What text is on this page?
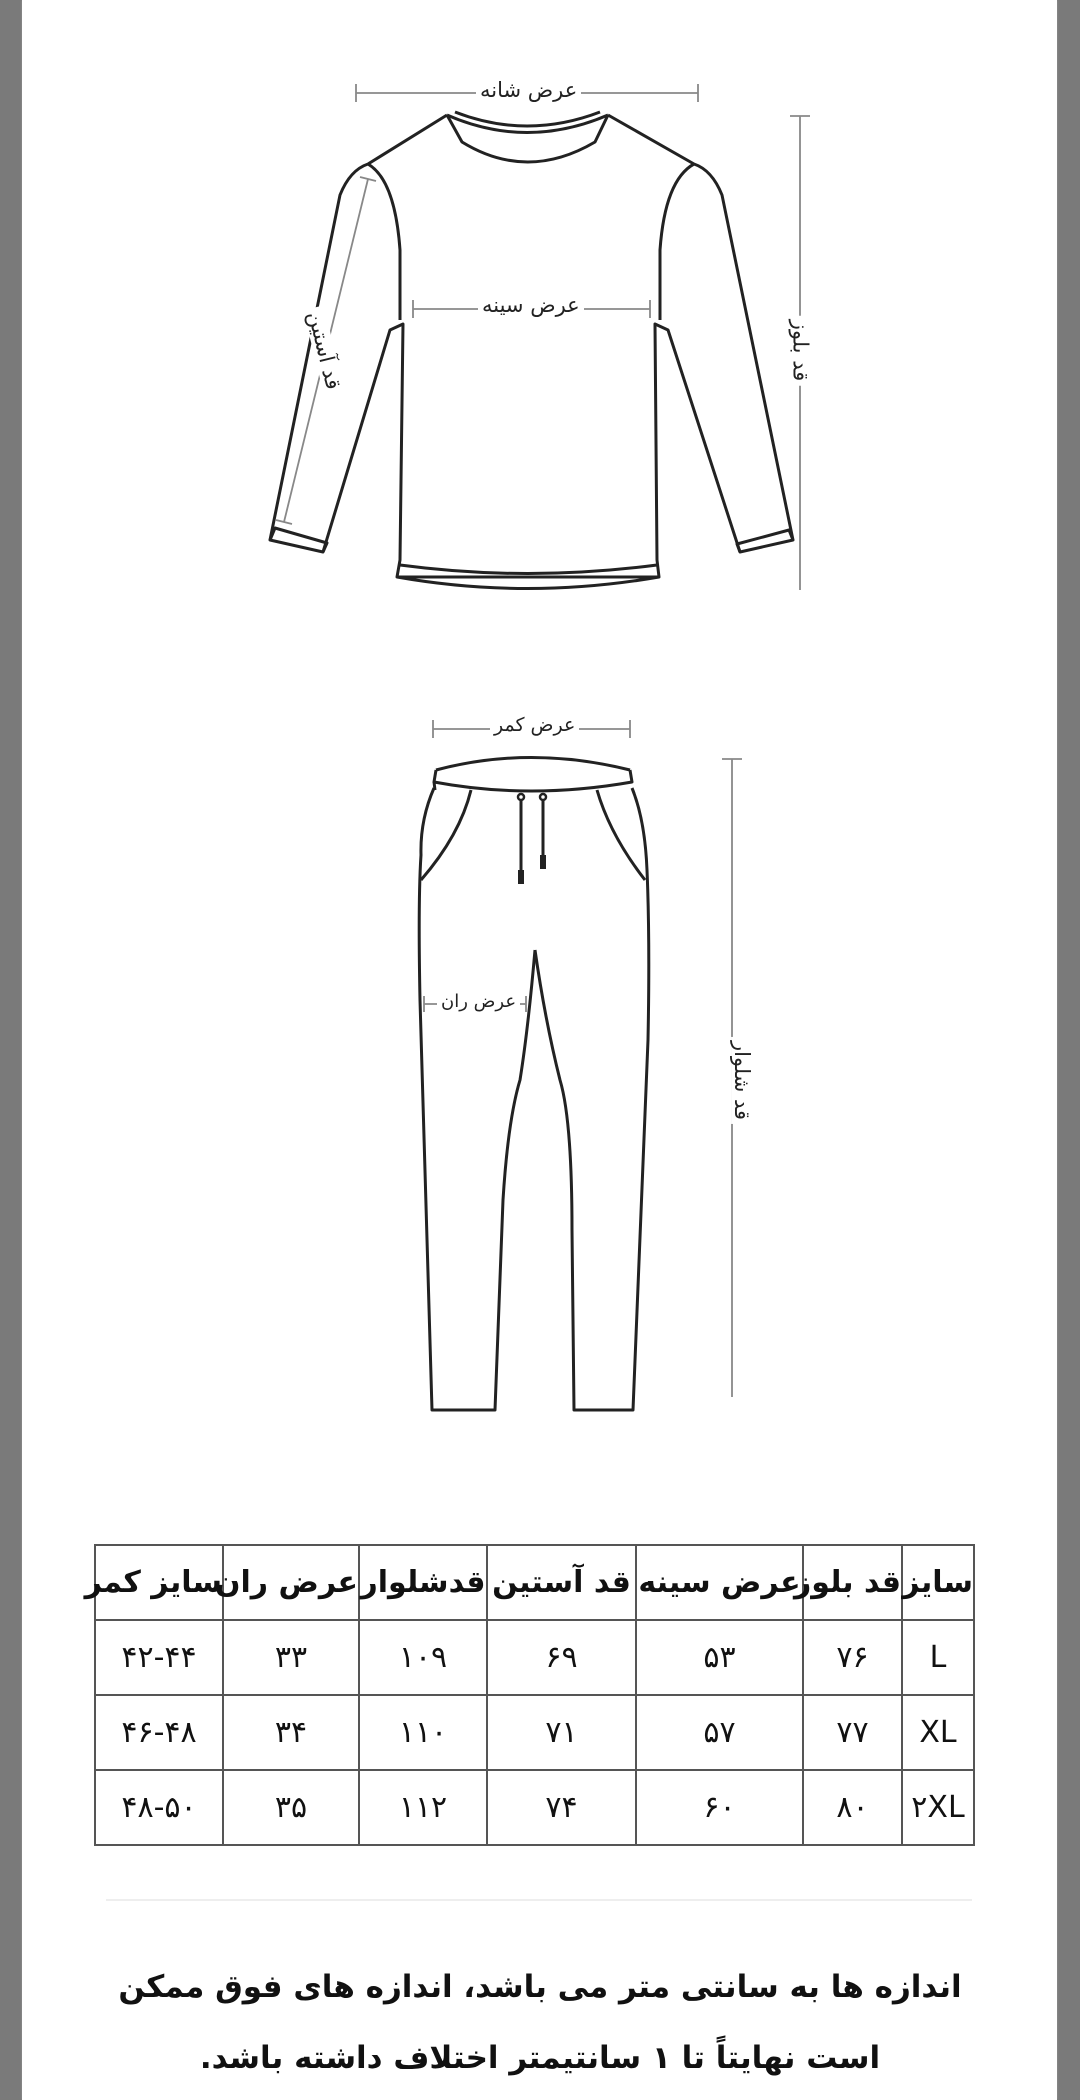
عرض شانه
عرض سینه
قد آستین	قد بلوز
عرض کمر
عرض ران
قد شلوار
سایز	قد بلوز	عرض سینه	قد آستین	قدشلوار	عرض ران	سایز کمر
L	۷۶	۵۳	۶۹	۱۰۹	۳۳	۴۲-۴۴
XL	۷۷	۵۷	۷۱	۱۱۰	۳۴	۴۶-۴۸
۲XL	۸۰	۶۰	۷۴	۱۱۲	۳۵	۴۸-۵۰
اندازه ها به سانتی متر می باشد، اندازه های فوق ممکن
است نهایتاً تا ۱ سانتیمتر اختلاف داشته باشد.
